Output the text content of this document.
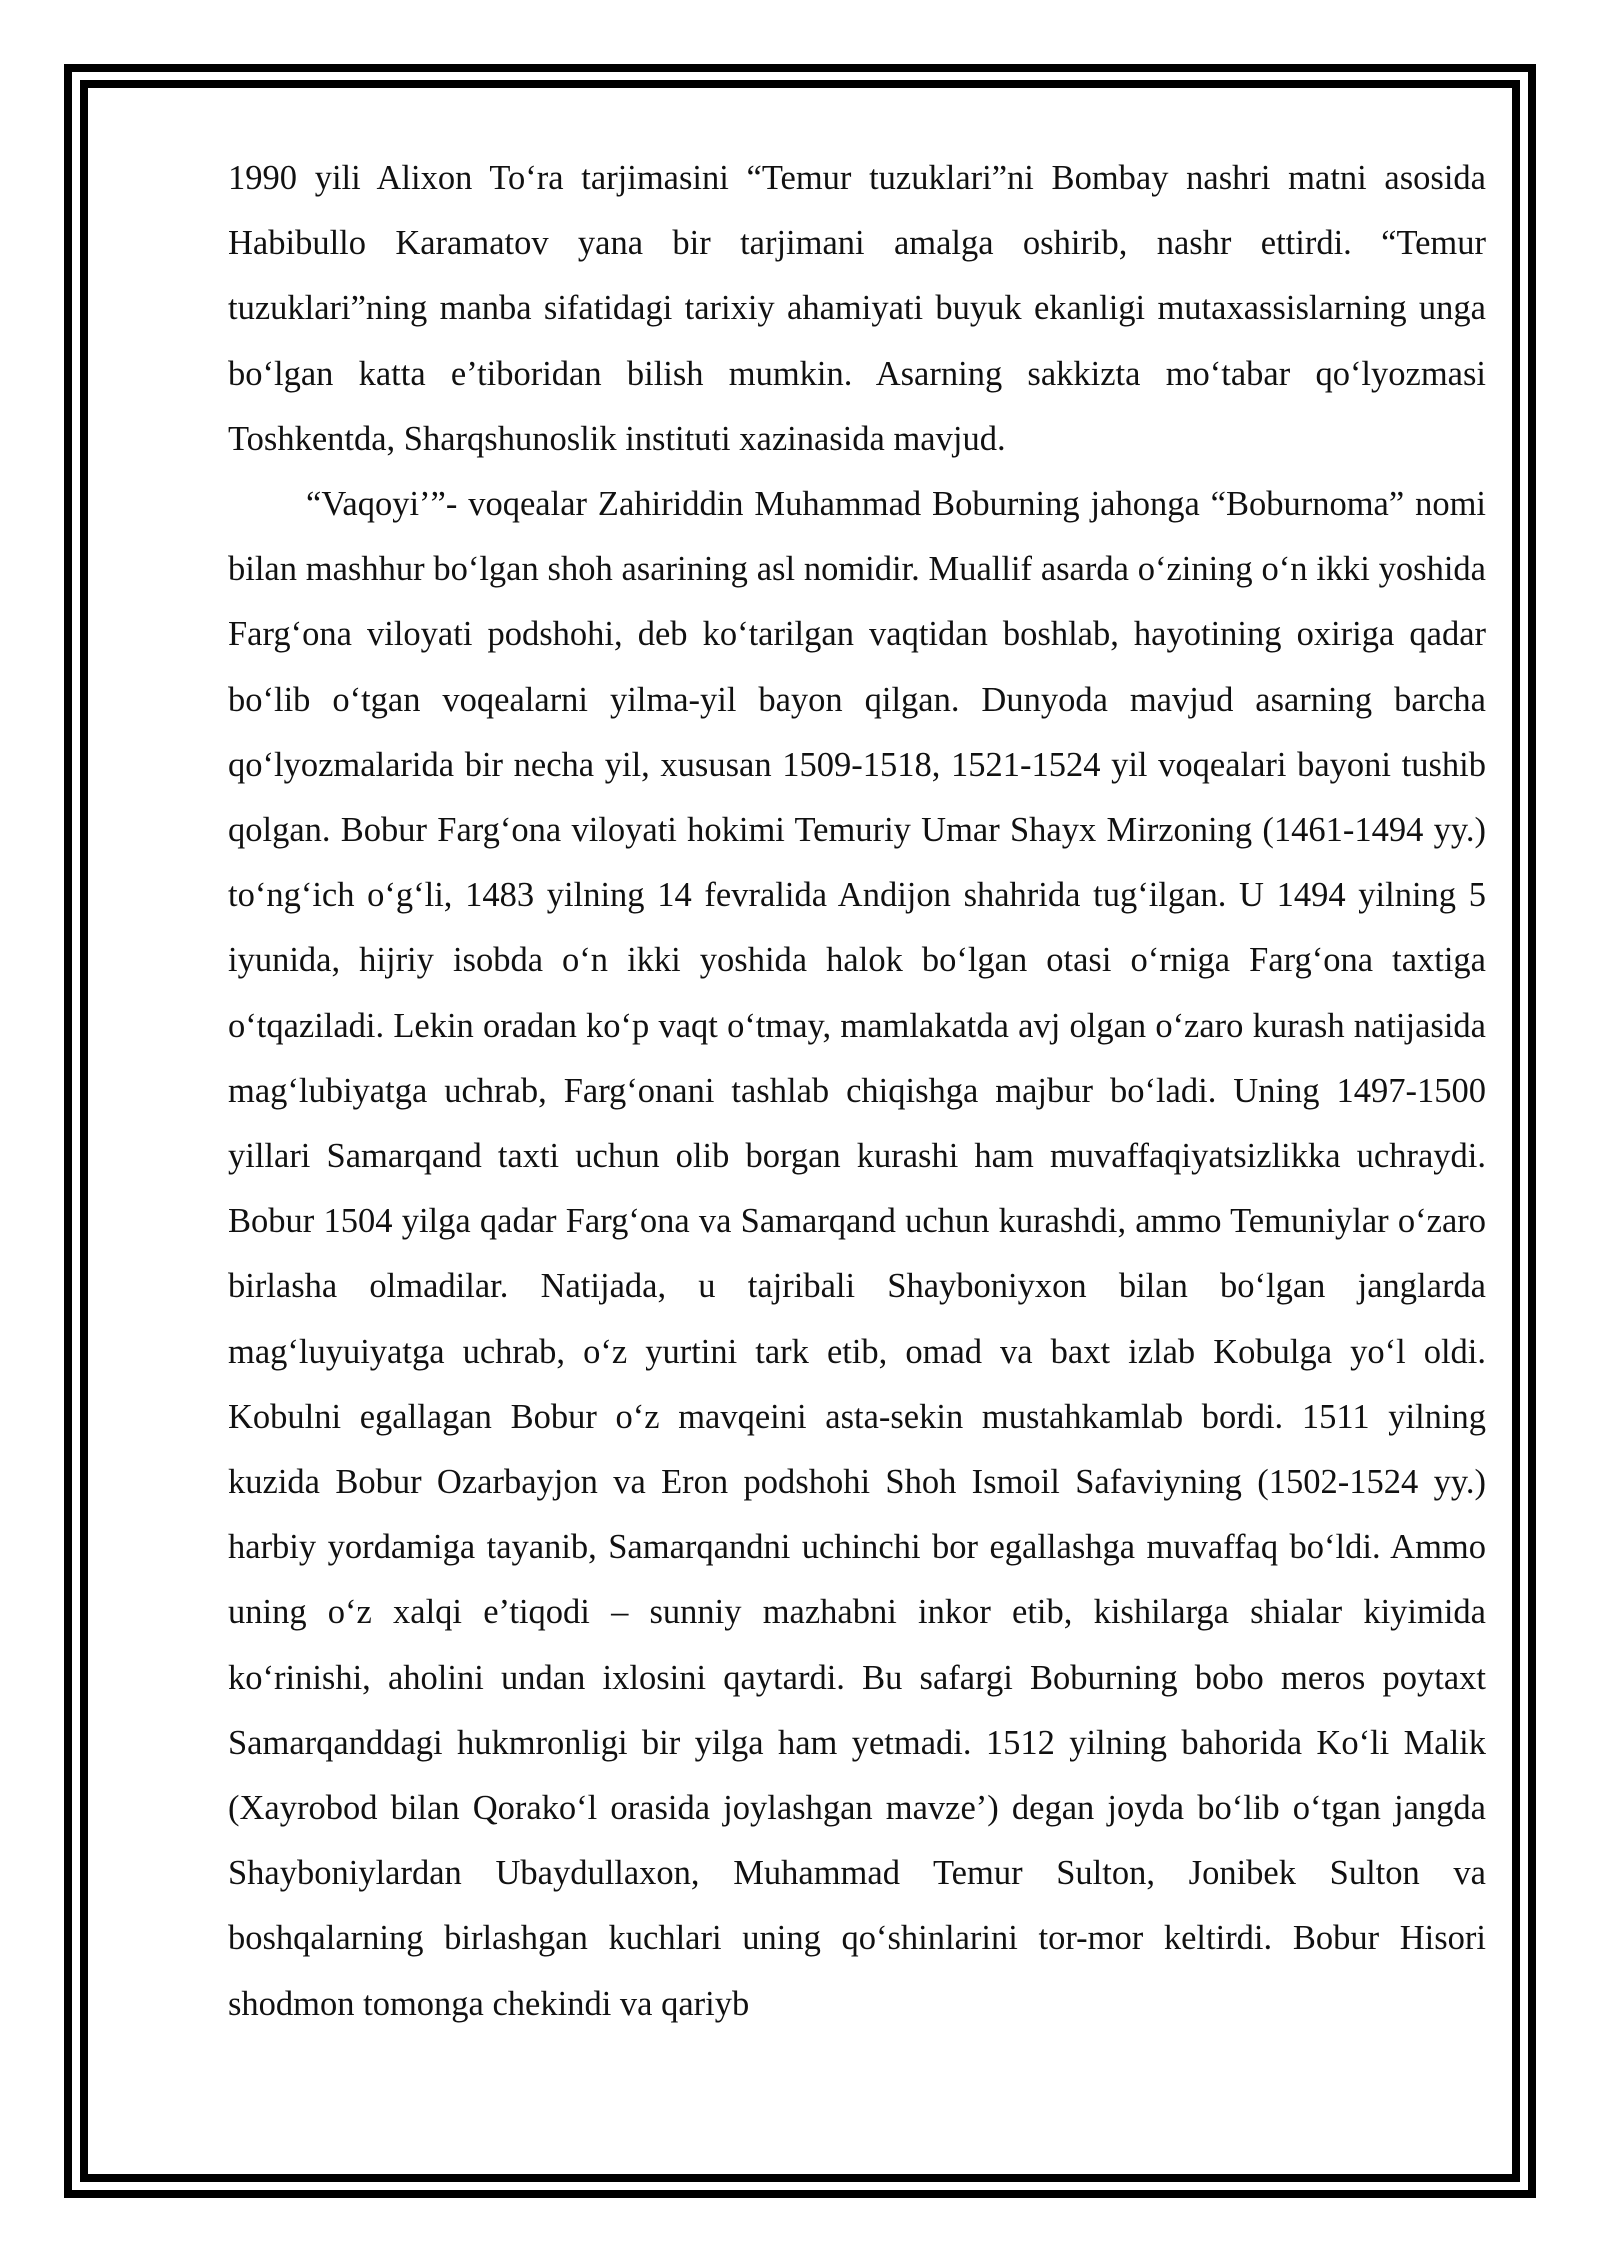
1990 yili Alixon To‘ra tarjimasini “Temur tuzuklari”ni Bombay nashri matni asosida Habibullo Karamatov yana bir tarjimani amalga oshirib, nashr ettirdi. “Temur tuzuklari”ning manba sifatidagi tarixiy ahamiyati buyuk ekanligi mutaxassislarning unga bo‘lgan katta e’tiboridan bilish mumkin. Asarning sakkizta mo‘tabar qo‘lyozmasi Toshkentda, Sharqshunoslik instituti xazinasida mavjud.

“Vaqoyi’”- voqealar Zahiriddin Muhammad Boburning jahonga “Boburnoma” nomi bilan mashhur bo‘lgan shoh asarining asl nomidir. Muallif asarda o‘zining o‘n ikki yoshida Farg‘ona viloyati podshohi, deb ko‘tarilgan vaqtidan boshlab, hayotining oxiriga qadar bo‘lib o‘tgan voqealarni yilma-yil bayon qilgan. Dunyoda mavjud asarning barcha qo‘lyozmalarida bir necha yil, xususan 1509-1518, 1521-1524 yil voqealari bayoni tushib qolgan. Bobur Farg‘ona viloyati hokimi Temuriy Umar Shayx Mirzoning (1461-1494 yy.) to‘ng‘ich o‘g‘li, 1483 yilning 14 fevralida Andijon shahrida tug‘ilgan. U 1494 yilning 5 iyunida, hijriy isobda o‘n ikki yoshida halok bo‘lgan otasi o‘rniga Farg‘ona taxtiga o‘tqaziladi. Lekin oradan ko‘p vaqt o‘tmay, mamlakatda avj olgan o‘zaro kurash natijasida mag‘lubiyatga uchrab, Farg‘onani tashlab chiqishga majbur bo‘ladi. Uning 1497-1500 yillari Samarqand taxti uchun olib borgan kurashi ham muvaffaqiyatsizlikka uchraydi. Bobur 1504 yilga qadar Farg‘ona va Samarqand uchun kurashdi, ammo Temuniylar o‘zaro birlasha olmadilar. Natijada, u tajribali Shayboniyxon bilan bo‘lgan janglarda mag‘luyuiyatga uchrab, o‘z yurtini tark etib, omad va baxt izlab Kobulga yo‘l oldi. Kobulni egallagan Bobur o‘z mavqeini asta-sekin mustahkamlab bordi. 1511 yilning kuzida Bobur Ozarbayjon va Eron podshohi Shoh Ismoil Safaviyning (1502-1524 yy.) harbiy yordamiga tayanib, Samarqandni uchinchi bor egallashga muvaffaq bo‘ldi. Ammo uning o‘z xalqi e’tiqodi – sunniy mazhabni inkor etib, kishilarga shialar kiyimida ko‘rinishi, aholini undan ixlosini qaytardi. Bu safargi Boburning bobo meros poytaxt Samarqanddagi hukmronligi bir yilga ham yetmadi. 1512 yilning bahorida Ko‘li Malik (Xayrobod bilan Qorako‘l orasida joylashgan mavze’) degan joyda bo‘lib o‘tgan jangda Shayboniylardan Ubaydullaxon, Muhammad Temur Sulton, Jonibek Sulton va boshqalarning birlashgan kuchlari uning qo‘shinlarini tor-mor keltirdi. Bobur Hisori shodmon tomonga chekindi va qariyb
